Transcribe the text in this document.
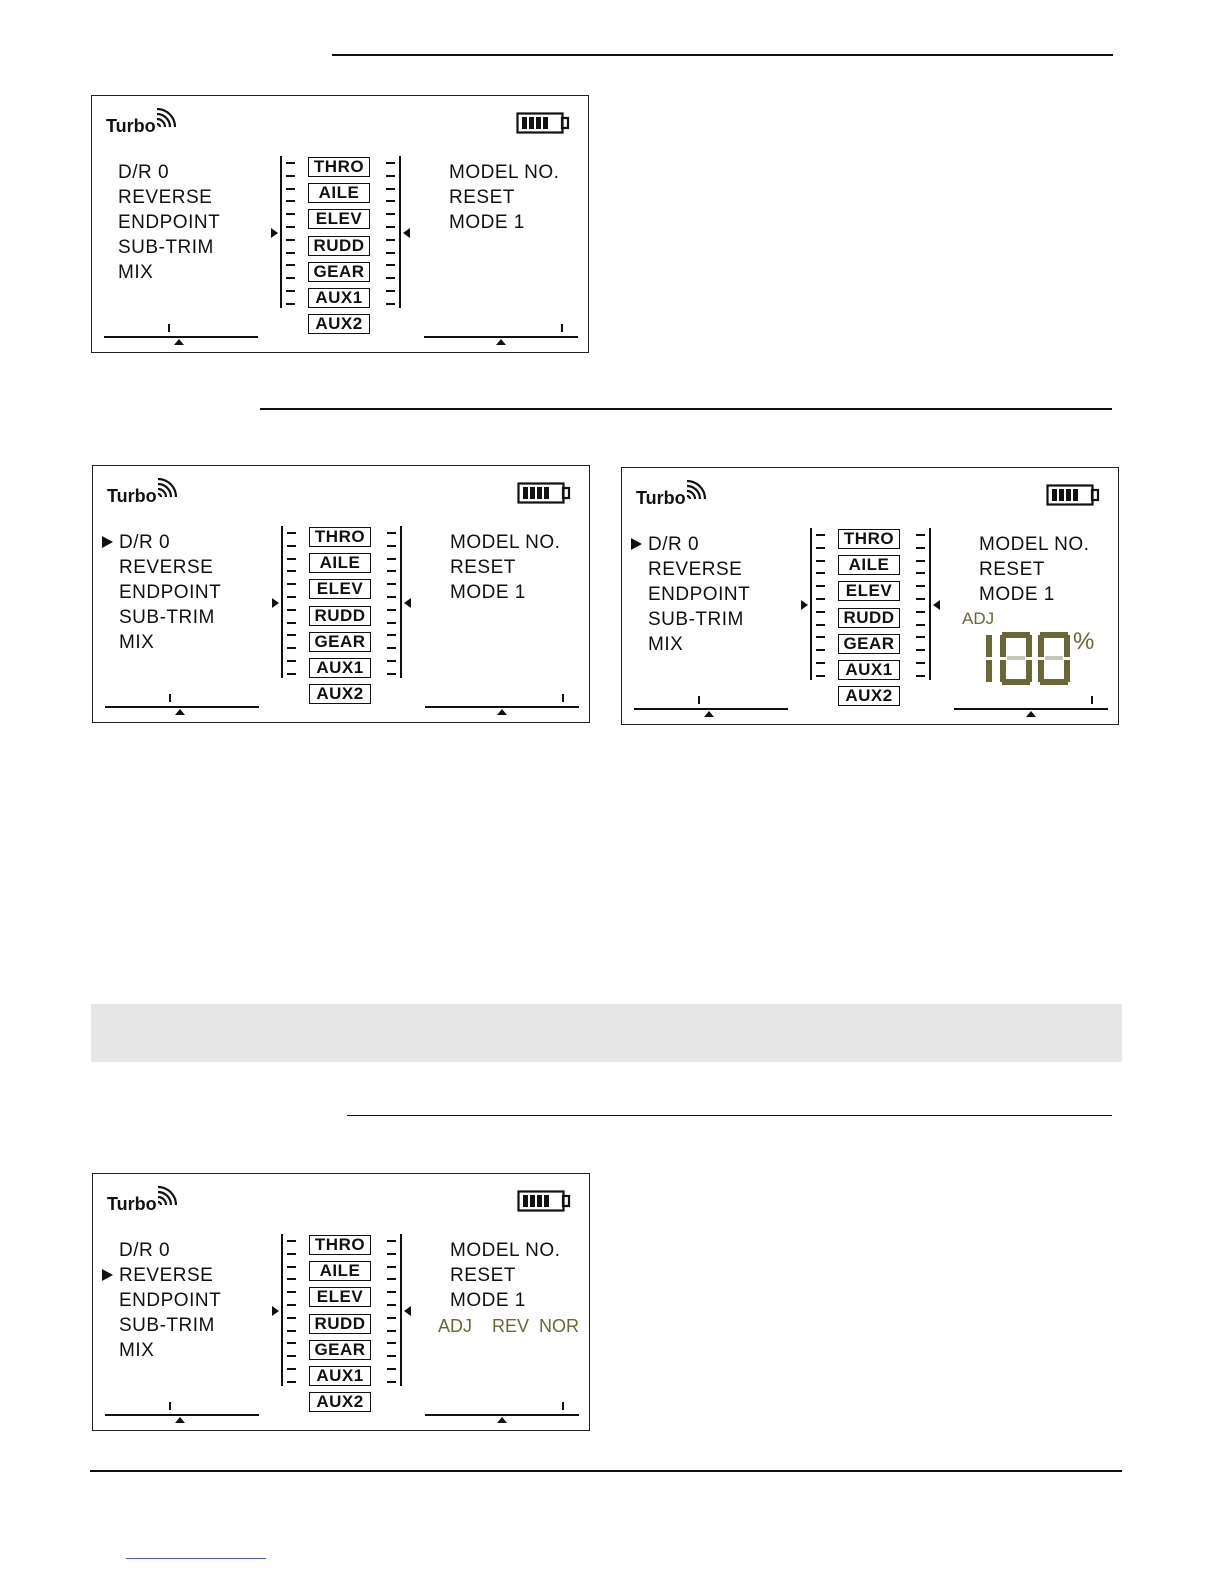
Turbo
D/R 0
REVERSE
ENDPOINT
SUB-TRIM
MIX
THRO
AILE
ELEV
RUDD
GEAR
AUX1
AUX2
MODEL NO.
RESET
MODE 1
Turbo
D/R 0
REVERSE
ENDPOINT
SUB-TRIM
MIX
THRO
AILE
ELEV
RUDD
GEAR
AUX1
AUX2
MODEL NO.
RESET
MODE 1
Turbo
D/R 0
REVERSE
ENDPOINT
SUB-TRIM
MIX
THRO
AILE
ELEV
RUDD
GEAR
AUX1
AUX2
MODEL NO.
RESET
MODE 1
ADJ
%
Turbo
D/R 0
REVERSE
ENDPOINT
SUB-TRIM
MIX
THRO
AILE
ELEV
RUDD
GEAR
AUX1
AUX2
MODEL NO.
RESET
MODE 1
ADJ REV NOR
